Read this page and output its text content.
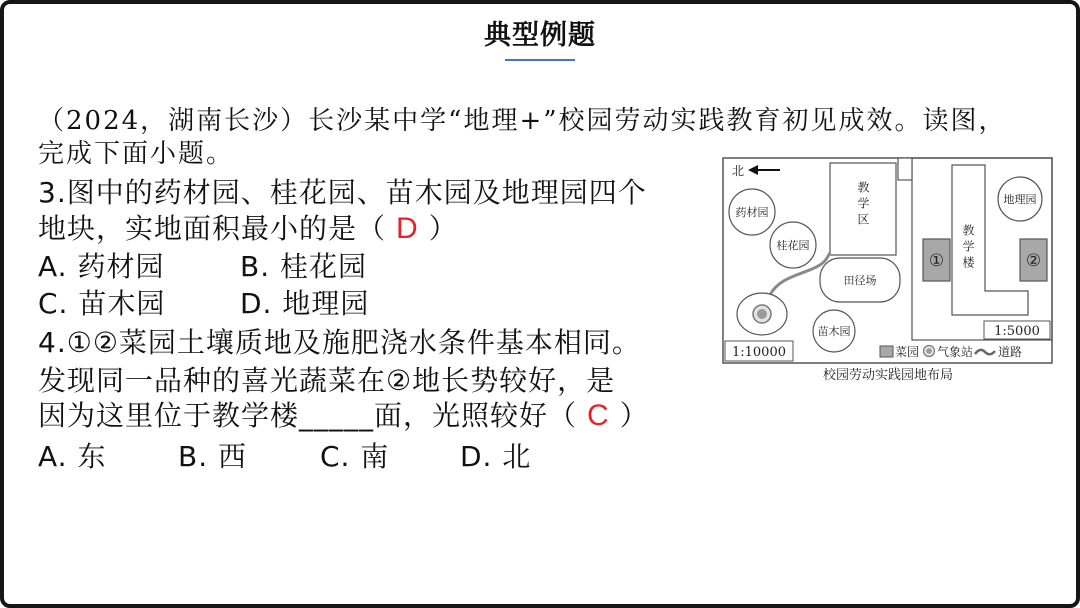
典型例题
（2024，湖南长沙）长沙某中学“地理+”校园劳动实践教育初见成效。读图，
完成下面小题。
3.图中的药材园、桂花园、苗木园及地理园四个
地块，实地面积最小的是（ D ）
A. 药材园	B. 桂花园
C. 苗木园	D. 地理园
4.①②菜园土壤质地及施肥浇水条件基本相同。
发现同一品种的喜光蔬菜在②地长势较好，是
因为这里位于教学楼_____面，光照较好（ C ）
A. 东	B. 西	C. 南	D. 北
北
教学区
药材园
桂花园
田径场
苗木园
教学楼
①	②
地理园
1:5000
1:10000	菜园 气象站 道路
校园劳动实践园地布局
